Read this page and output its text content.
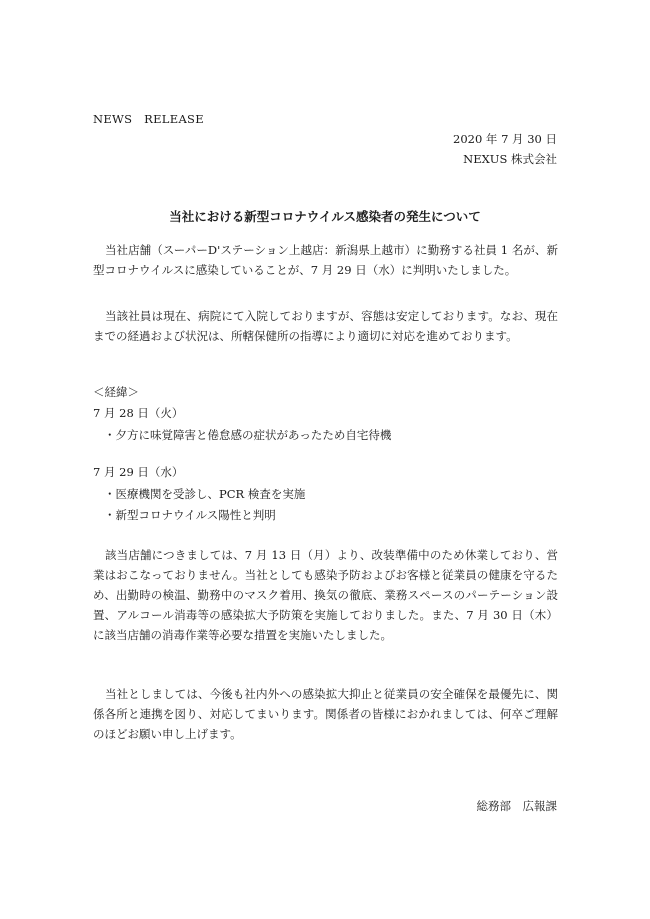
NEWS　RELEASE
2020 年 7 月 30 日
NEXUS 株式会社
当社における新型コロナウイルス感染者の発生について
当社店舗（スーパーD'ステーション上越店：新潟県上越市）に勤務する社員 1 名が、新型コロナウイルスに感染していることが、7 月 29 日（水）に判明いたしました。
当該社員は現在、病院にて入院しておりますが、容態は安定しております。なお、現在までの経過および状況は、所轄保健所の指導により適切に対応を進めております。
＜経緯＞
7 月 28 日（火）
・夕方に味覚障害と倦怠感の症状があったため自宅待機
7 月 29 日（水）
・医療機関を受診し、PCR 検査を実施
・新型コロナウイルス陽性と判明
該当店舗につきましては、7 月 13 日（月）より、改装準備中のため休業しており、営業はおこなっておりません。当社としても感染予防およびお客様と従業員の健康を守るため、出勤時の検温、勤務中のマスク着用、換気の徹底、業務スペースのパーテーション設置、アルコール消毒等の感染拡大予防策を実施しておりました。また、7 月 30 日（木）に該当店舗の消毒作業等必要な措置を実施いたしました。
当社としましては、今後も社内外への感染拡大抑止と従業員の安全確保を最優先に、関係各所と連携を図り、対応してまいります。関係者の皆様におかれましては、何卒ご理解のほどお願い申し上げます。
総務部　広報課
